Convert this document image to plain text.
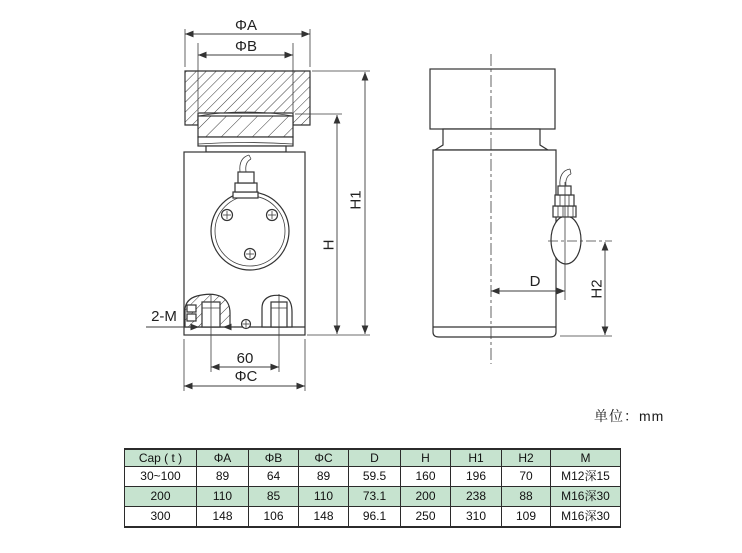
ΦA
ΦB
H1
H
2-M
60
ΦC
D	H2
单位：mm
Cap ( t )	ΦA	ΦB	ΦC	D	H	H1	H2	M
30~100	89	64	89	59.5	160	196	70	M12深15
200	110	85	110	73.1	200	238	88	M16深30
300	148	106	148	96.1	250	310	109	M16深30
